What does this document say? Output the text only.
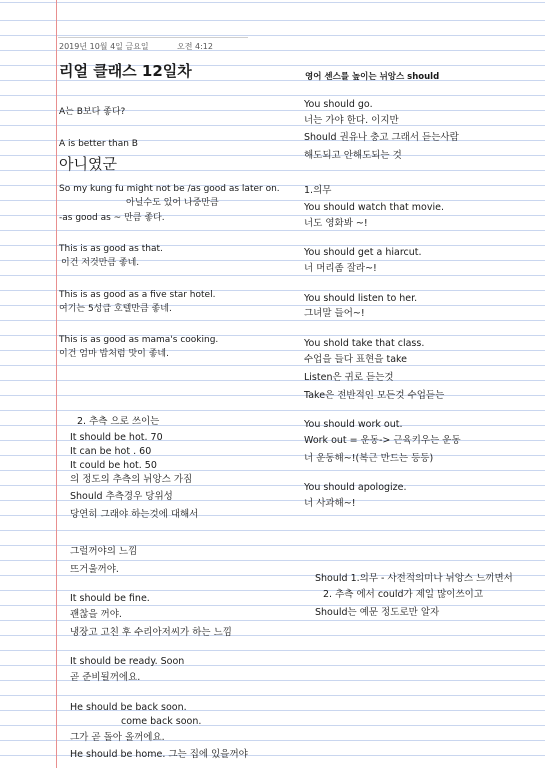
2019년 10월 4일 금요일	오전 4:12
리얼 클래스 12일차
A는 B보다 좋다?
A is better than B
아니였군
So my kung fu might not be /as good as later on.
아닐수도 있어 나중만큼
-as good as ~ 만큼 좋다.
This is as good as that.
이건 저것만큼 좋네.
This is as good as a five star hotel.
여기는 5성급 호텔만큼 좋네.
This is as good as mama's cooking.
이건 엄마 밥처럼 맛이 좋네.
2. 추측 으로 쓰이는
It should be hot. 70
It can be hot . 60
It could be hot. 50
의 정도의 추측의 뉘앙스 가짐
Should 추측경우 당위성
당연히 그래야 하는것에 대해서
그럴꺼야의 느낌
뜨거울꺼야.
It should be fine.
괜찮을 꺼야.
냉장고 고친 후 수리아저씨가 하는 느낌
It should be ready. Soon
곧 준비될꺼에요.
He should be back soon.
come back soon.
그가 곧 돌아 올꺼에요.
He should be home. 그는 집에 있을꺼야
영어 센스를 높이는 뉘앙스 should
You should go.
너는 가야 한다. 이지만
Should 권유나 충고 그래서 듣는사람
해도되고 안해도되는 것
1.의무
You should watch that movie.
너도 영화봐 ~!
You should get a hiarcut.
너 머리좀 잘라~!
You should listen to her.
그녀말 들어~!
You shold take that class.
수업을 들다 표현을 take
Listen은 귀로 듣는것
Take은 전반적인 모든것 수업듣는
You should work out.
Work out = 운동-> 근육키우는 운동
너 운동해~!(복근 만드는 등등)
You should apologize.
너 사과해~!
Should 1.의무 - 사전적의미나 뉘앙스 느끼면서
2. 추측 에서 could가 제일 많이쓰이고
Should는 예문 정도로만 알자
